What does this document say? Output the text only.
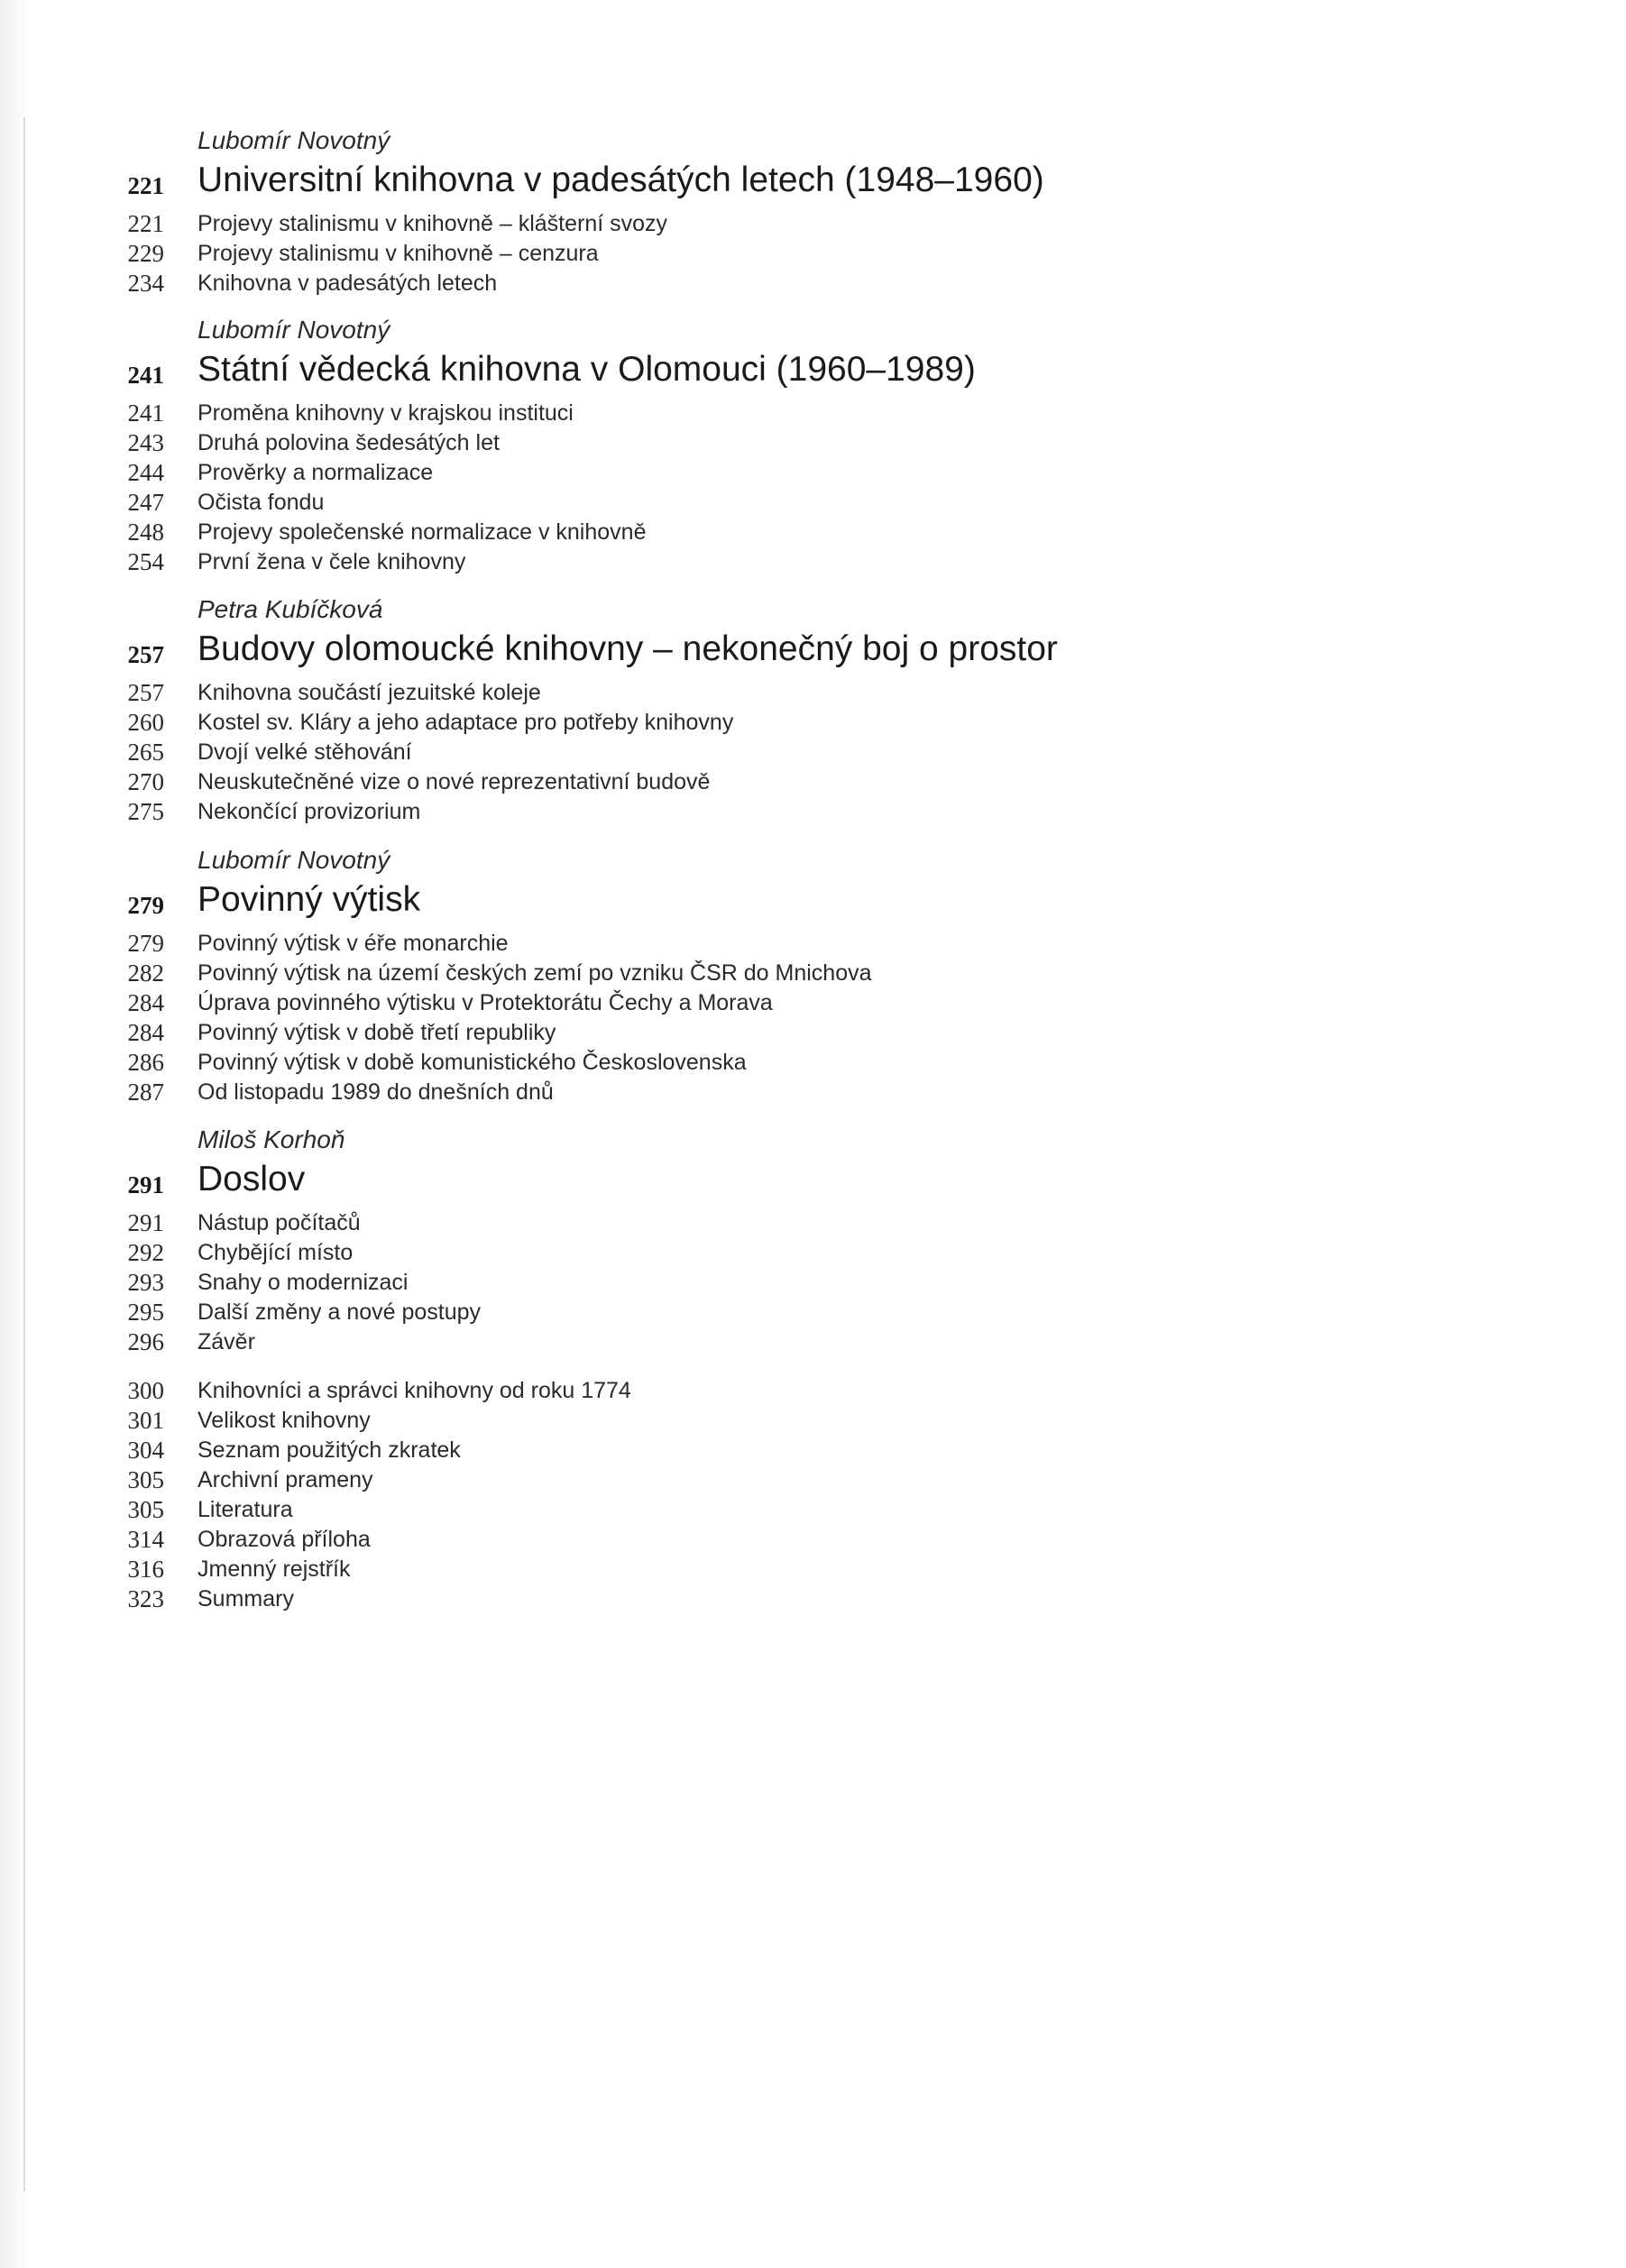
Lubomír Novotný
221 Universitní knihovna v padesátých letech (1948–1960)
221 Projevy stalinismu v knihovně – klášterní svozy
229 Projevy stalinismu v knihovně – cenzura
234 Knihovna v padesátých letech
Lubomír Novotný
241 Státní vědecká knihovna v Olomouci (1960–1989)
241 Proměna knihovny v krajskou instituci
243 Druhá polovina šedesátých let
244 Prověrky a normalizace
247 Očista fondu
248 Projevy společenské normalizace v knihovně
254 První žena v čele knihovny
Petra Kubíčková
257 Budovy olomoucké knihovny – nekonečný boj o prostor
257 Knihovna součástí jezuitské koleje
260 Kostel sv. Kláry a jeho adaptace pro potřeby knihovny
265 Dvojí velké stěhování
270 Neuskutečněné vize o nové reprezentativní budově
275 Nekončící provizorium
Lubomír Novotný
279 Povinný výtisk
279 Povinný výtisk v éře monarchie
282 Povinný výtisk na území českých zemí po vzniku ČSR do Mnichova
284 Úprava povinného výtisku v Protektorátu Čechy a Morava
284 Povinný výtisk v době třetí republiky
286 Povinný výtisk v době komunistického Československa
287 Od listopadu 1989 do dnešních dnů
Miloš Korhoň
291 Doslov
291 Nástup počítačů
292 Chybějící místo
293 Snahy o modernizaci
295 Další změny a nové postupy
296 Závěr
300 Knihovníci a správci knihovny od roku 1774
301 Velikost knihovny
304 Seznam použitých zkratek
305 Archivní prameny
305 Literatura
314 Obrazová příloha
316 Jmenný rejstřík
323 Summary
